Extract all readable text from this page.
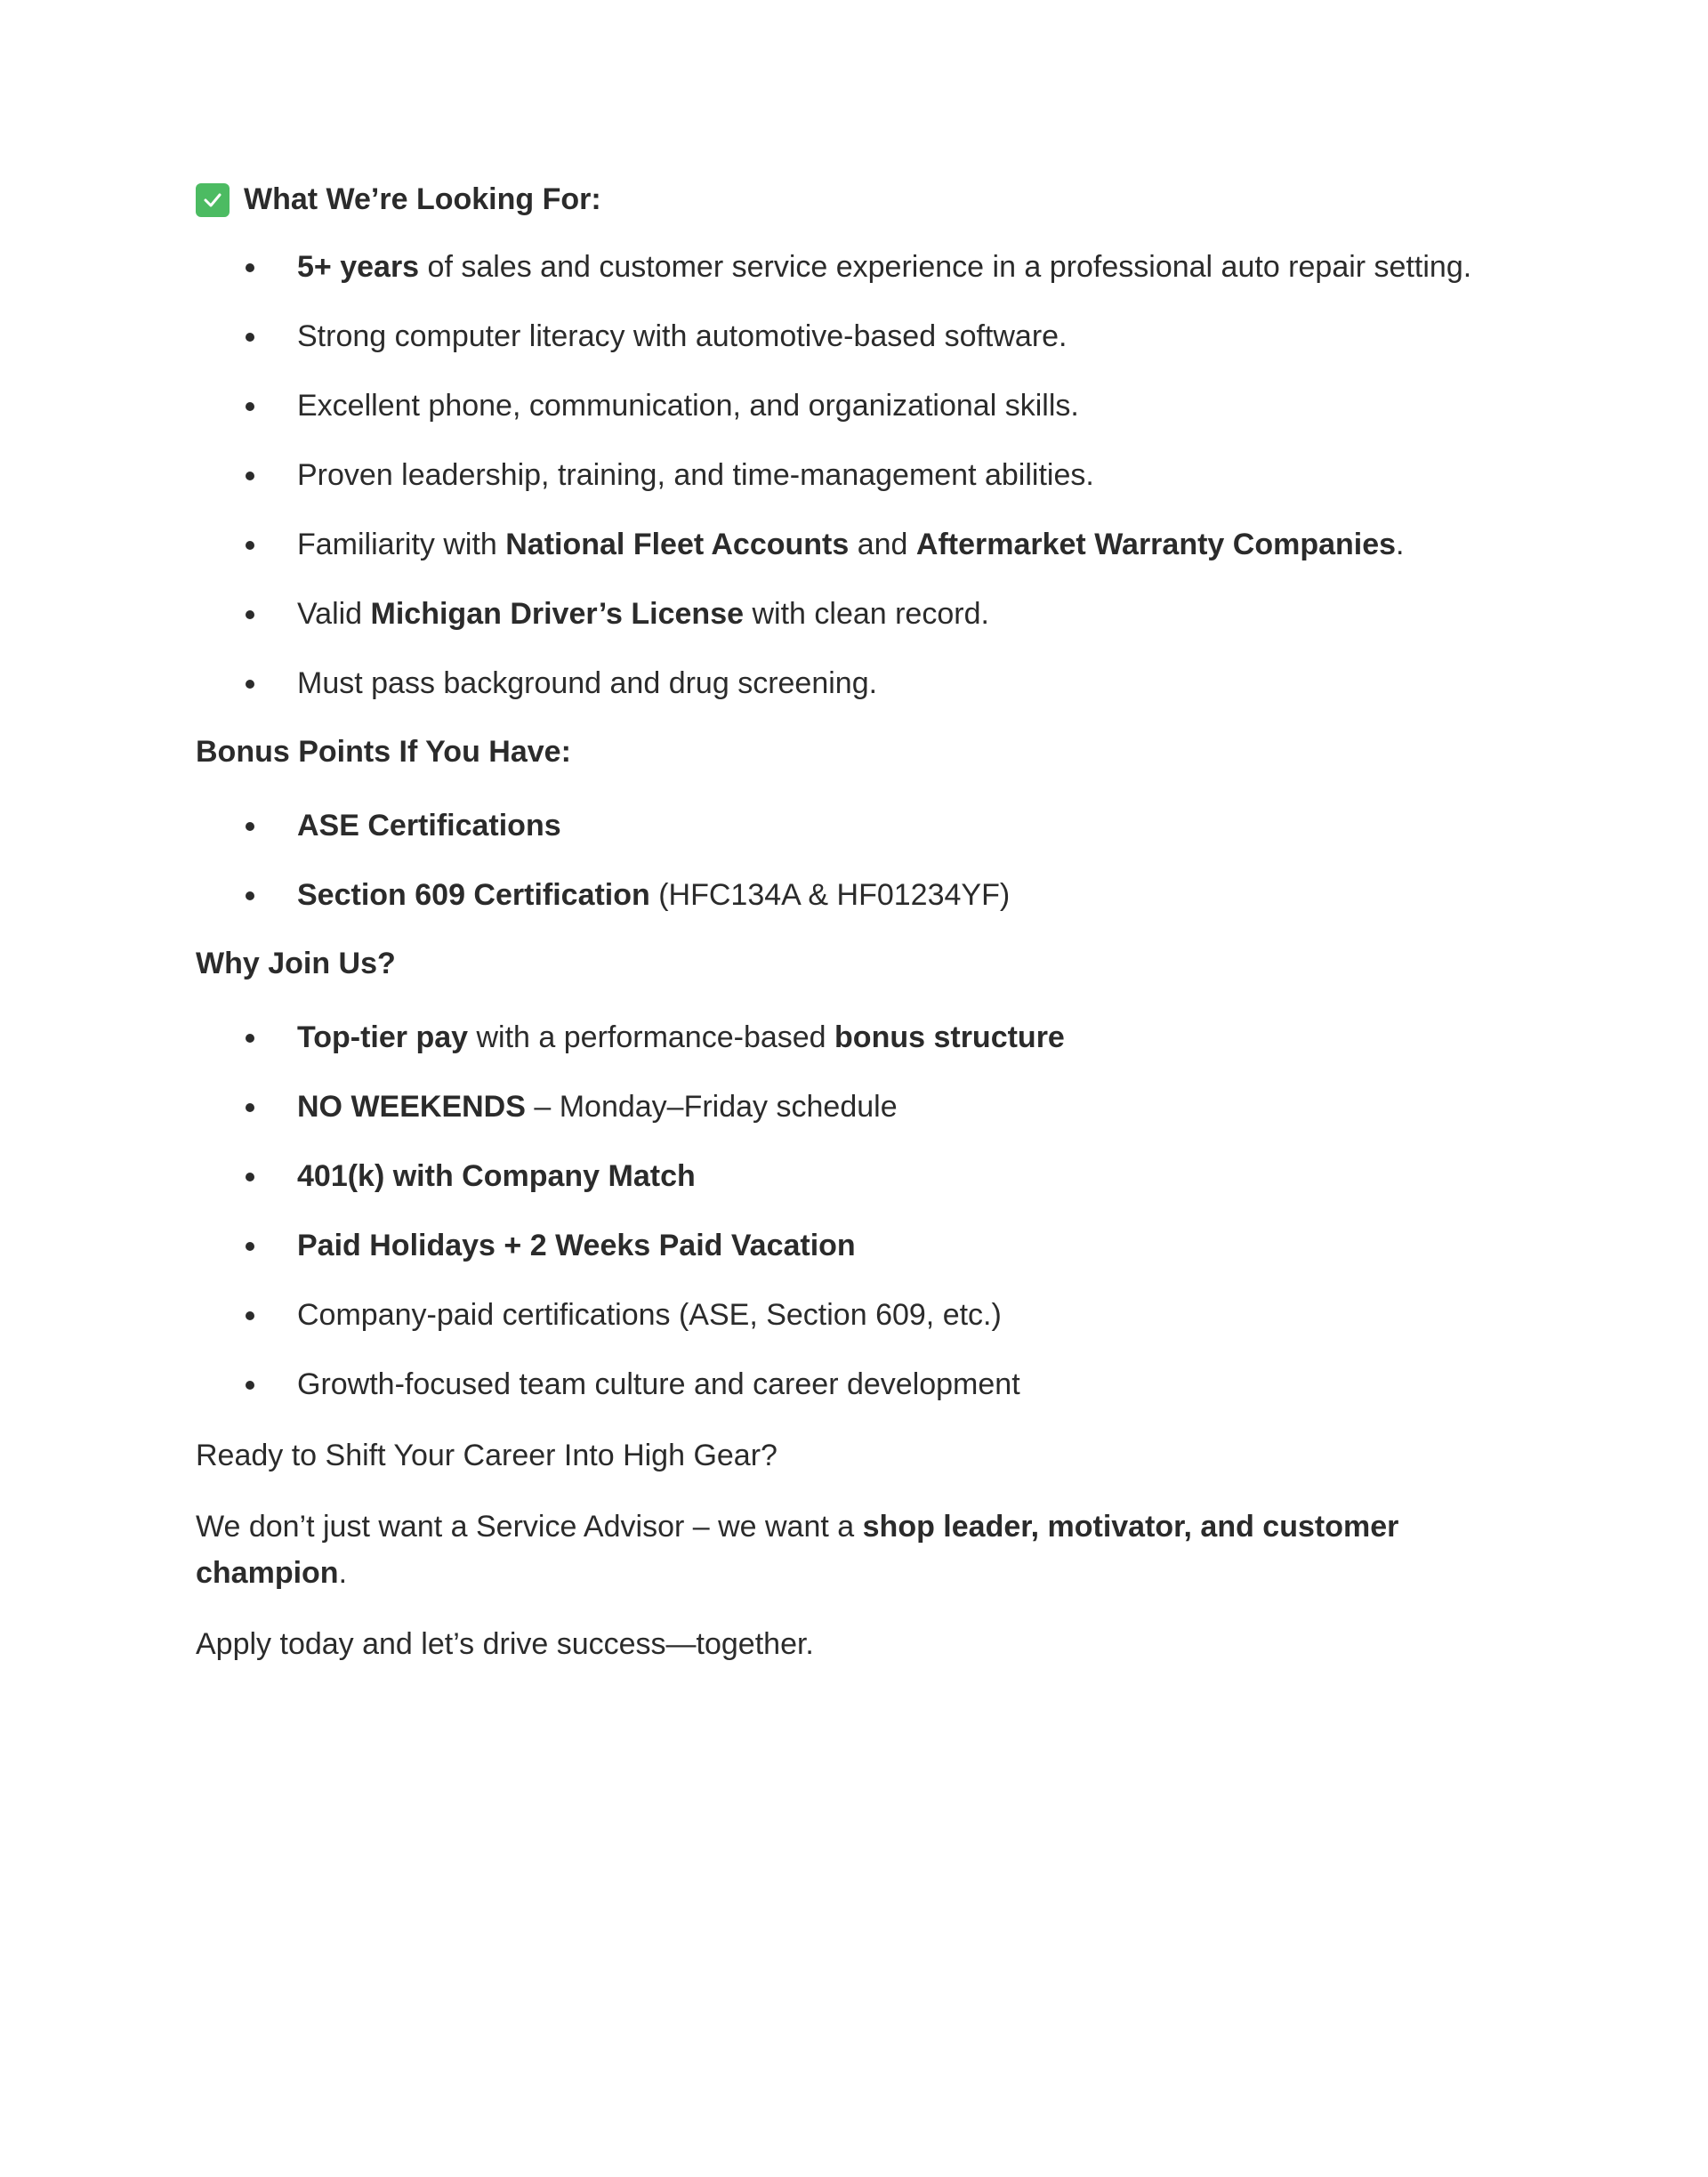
What We’re Looking For:
5+ years of sales and customer service experience in a professional auto repair setting.
Strong computer literacy with automotive-based software.
Excellent phone, communication, and organizational skills.
Proven leadership, training, and time-management abilities.
Familiarity with National Fleet Accounts and Aftermarket Warranty Companies.
Valid Michigan Driver’s License with clean record.
Must pass background and drug screening.
Bonus Points If You Have:
ASE Certifications
Section 609 Certification (HFC134A & HF01234YF)
Why Join Us?
Top-tier pay with a performance-based bonus structure
NO WEEKENDS – Monday–Friday schedule
401(k) with Company Match
Paid Holidays + 2 Weeks Paid Vacation
Company-paid certifications (ASE, Section 609, etc.)
Growth-focused team culture and career development

Ready to Shift Your Career Into High Gear?

We don’t just want a Service Advisor – we want a shop leader, motivator, and customer champion.

Apply today and let’s drive success—together.
